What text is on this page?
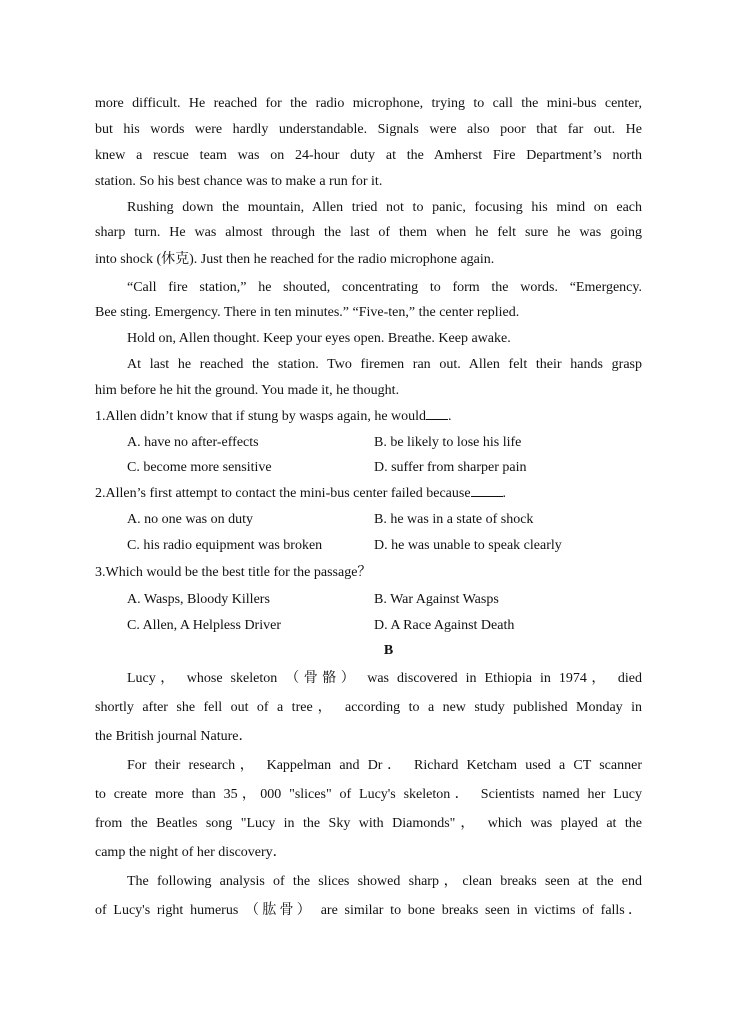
more difficult. He reached for the radio microphone, trying to call the mini-bus center,
but his words were hardly understandable. Signals were also poor that far out. He
knew a rescue team was on 24-hour duty at the Amherst Fire Department’s north
station. So his best chance was to make a run for it.
Rushing down the mountain, Allen tried not to panic, focusing his mind on each
sharp turn. He was almost through the last of them when he felt sure he was going
into shock (休克). Just then he reached for the radio microphone again.
“Call fire station,” he shouted, concentrating to form the words. “Emergency.
Bee sting. Emergency. There in ten minutes.” “Five-ten,” the center replied.
Hold on, Allen thought. Keep your eyes open. Breathe. Keep awake.
At last he reached the station. Two firemen ran out. Allen felt their hands grasp
him before he hit the ground. You made it, he thought.
1.Allen didn’t know that if stung by wasps again, he would .
A. have no after-effects	B. be likely to lose his life
C. become more sensitive	D. suffer from sharper pain
2.Allen’s first attempt to contact the mini-bus center failed because .
A. no one was on duty	B. he was in a state of shock
C. his radio equipment was broken	D. he was unable to speak clearly
3.Which would be the best title for the passage？
A. Wasps, Bloody Killers	B. War Against Wasps
C. Allen, A Helpless Driver	D. A Race Against Death
B
Lucy， whose skeleton （骨骼） was discovered in Ethiopia in 1974， died
shortly after she fell out of a tree， according to a new study published Monday in
the British journal Nature．
For their research， Kappelman and Dr． Richard Ketcham used a CT scanner
to create more than 35，000 "slices" of Lucy's skeleton． Scientists named her Lucy
from the Beatles song "Lucy in the Sky with Diamonds"， which was played at the
camp the night of her discovery．
The following analysis of the slices showed sharp，clean breaks seen at the end
of Lucy's right humerus （肱骨） are similar to bone breaks seen in victims of falls．
